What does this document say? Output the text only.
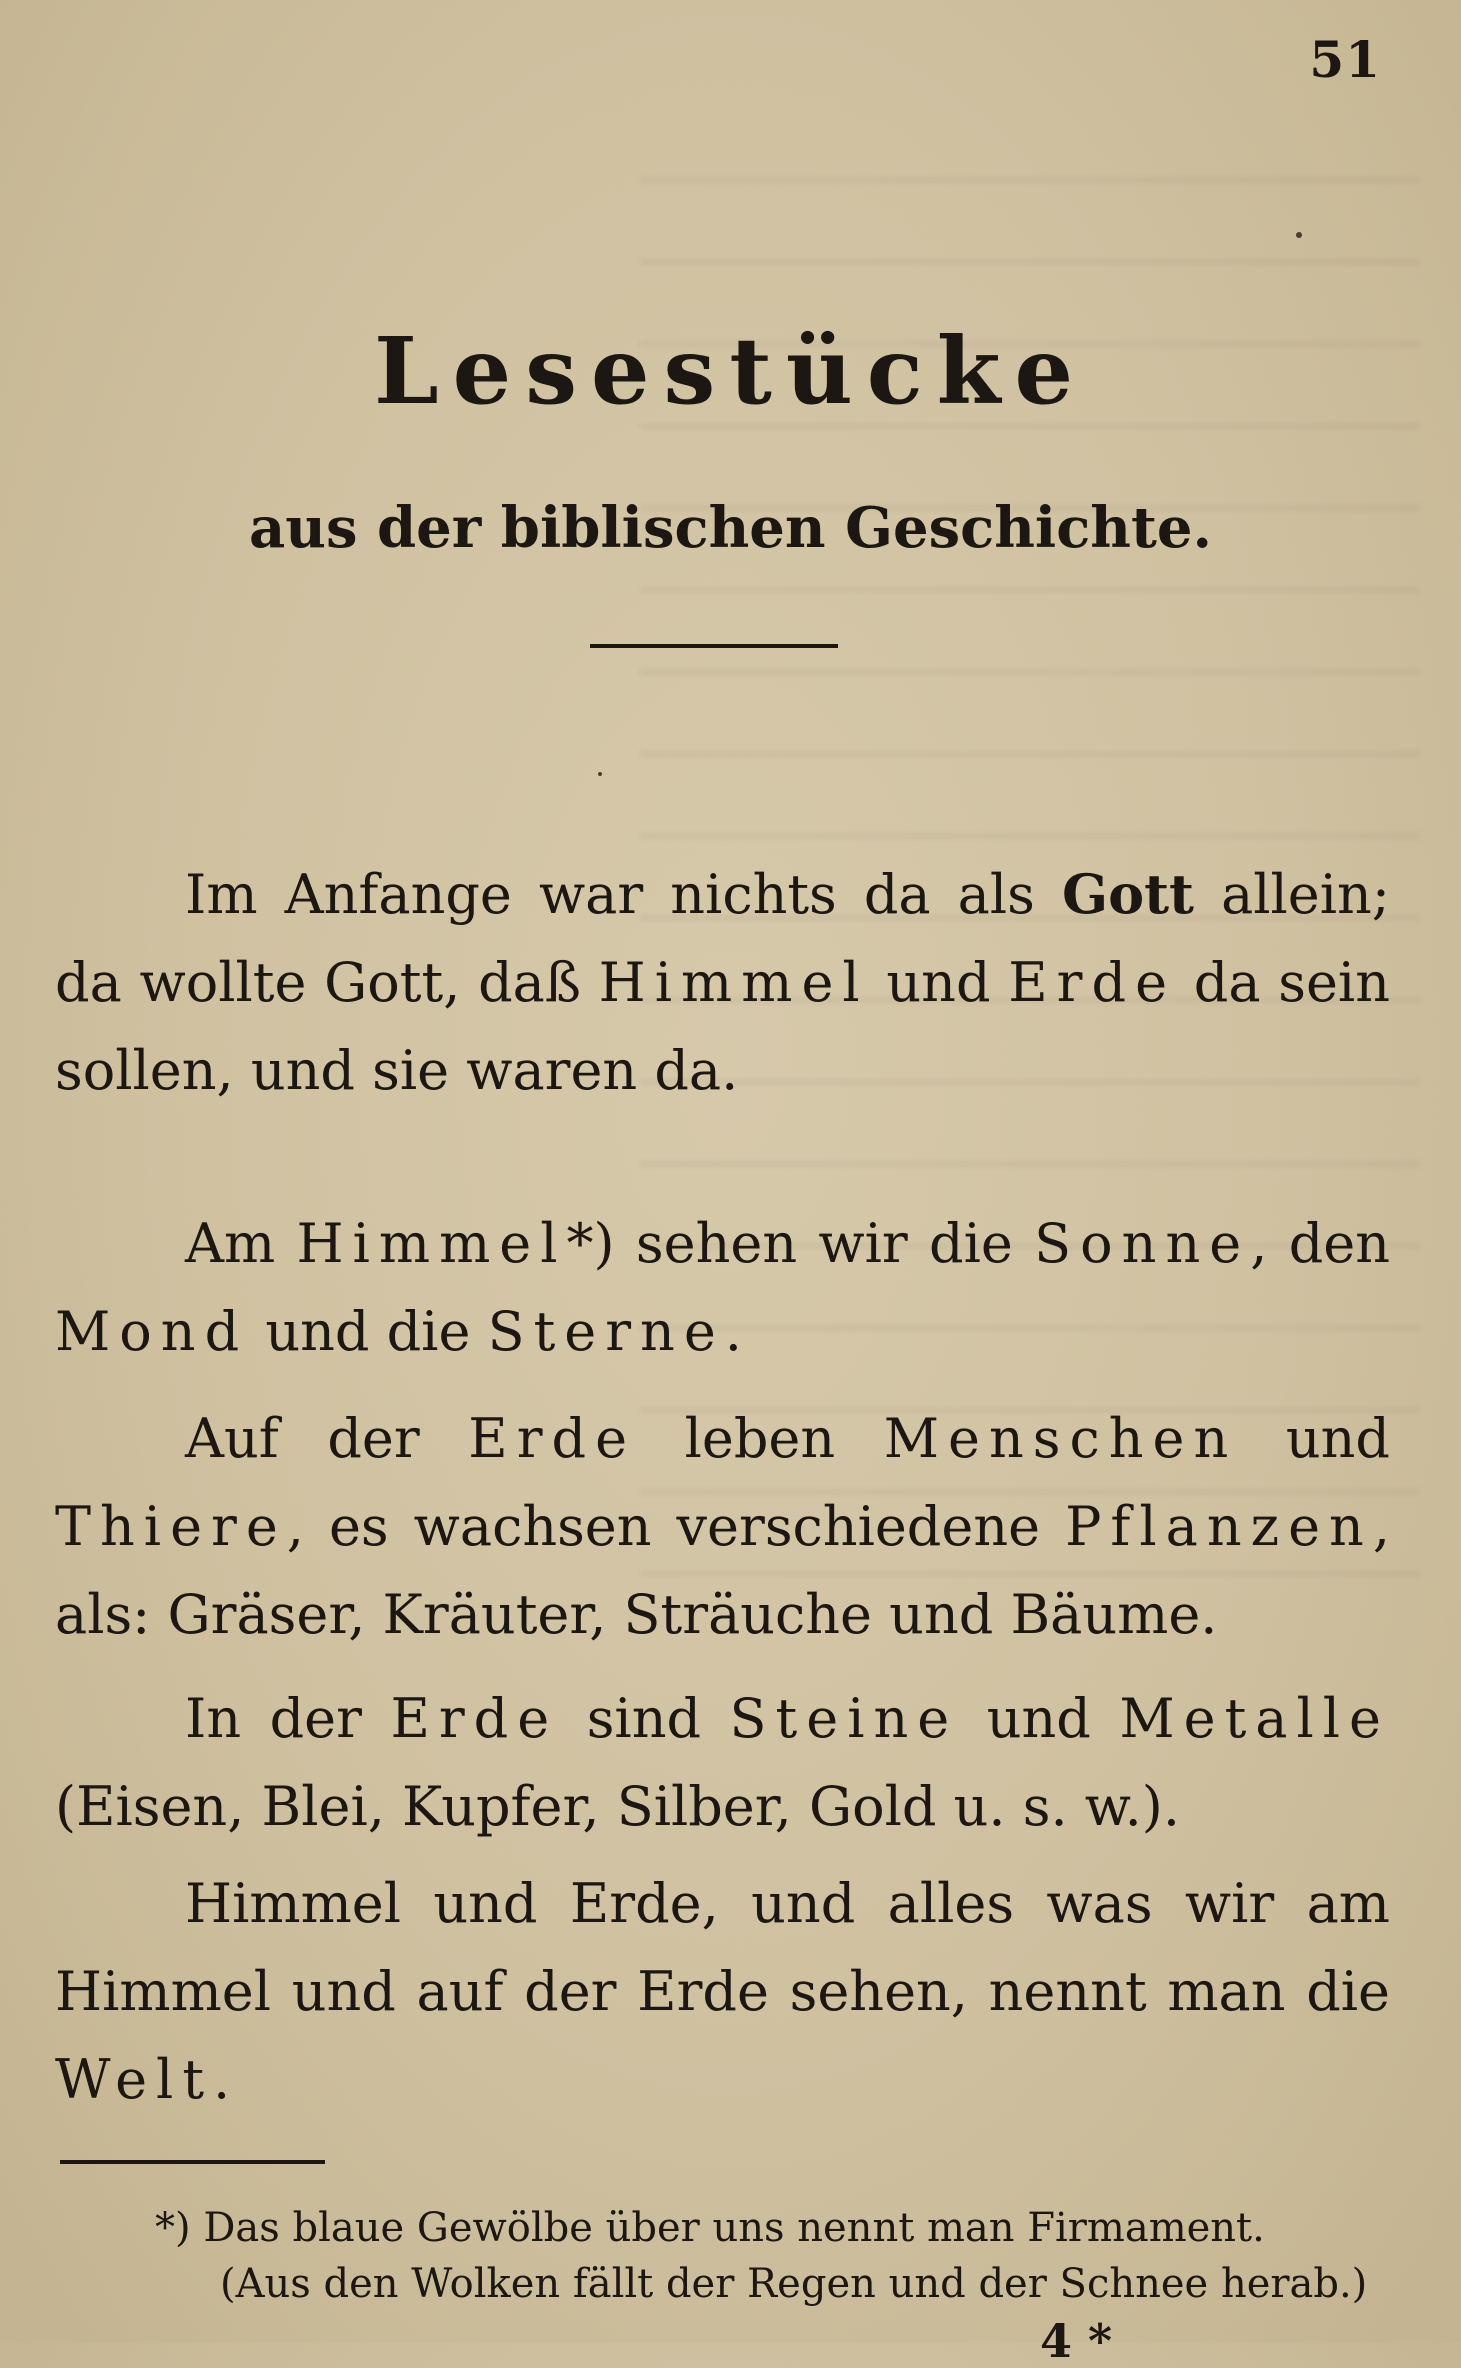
51
Lesestücke
aus der biblischen Geschichte.

Im Anfange war nichts da als Gott allein; da wollte Gott, daß Himmel und Erde da sein sollen, und sie waren da.

Am Himmel*) sehen wir die Sonne, den Mond und die Sterne.

Auf der Erde leben Menschen und Thiere, es wachsen verschiedene Pflanzen, als: Gräser, Kräuter, Sträuche und Bäume.

In der Erde sind Steine und Metalle (Eisen, Blei, Kupfer, Silber, Gold u. s. w.).

Himmel und Erde, und alles was wir am Himmel und auf der Erde sehen, nennt man die Welt.

*) Das blaue Gewölbe über uns nennt man Firmament.

(Aus den Wolken fällt der Regen und der Schnee herab.)

4 *
